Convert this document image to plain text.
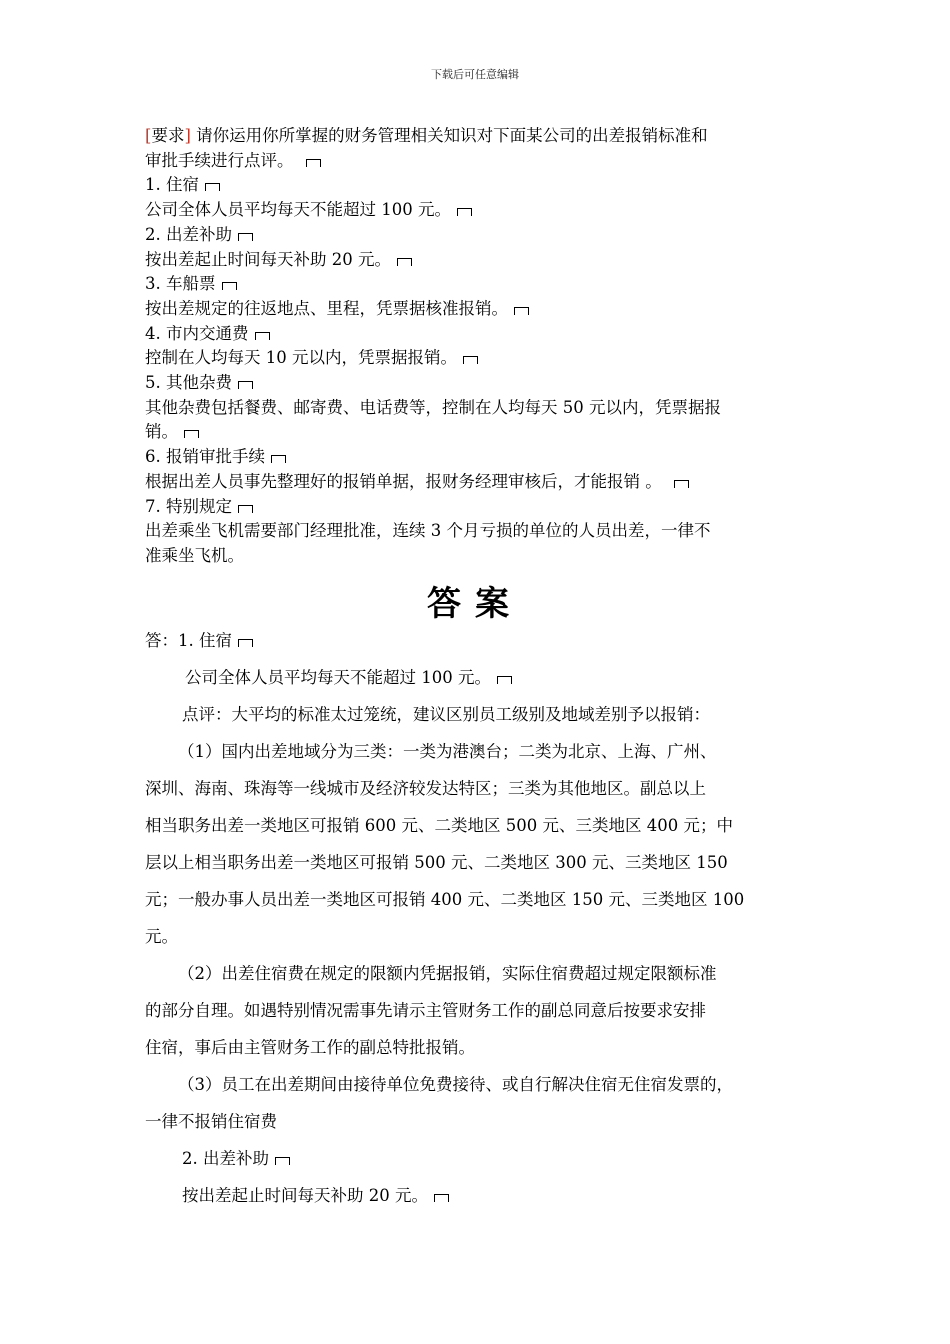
下载后可任意编辑

[要求] 请你运用你所掌握的财务管理相关知识对下面某公司的出差报销标准和

审批手续进行点评。

1. 住宿

公司全体人员平均每天不能超过 100 元。

2. 出差补助

按出差起止时间每天补助 20 元。

3. 车船票

按出差规定的往返地点、里程，凭票据核准报销。

4. 市内交通费

控制在人均每天 10 元以内，凭票据报销。

5. 其他杂费

其他杂费包括餐费、邮寄费、电话费等，控制在人均每天 50 元以内，凭票据报

销。

6. 报销审批手续

根据出差人员事先整理好的报销单据，报财务经理审核后，才能报销 。

7. 特别规定

出差乘坐飞机需要部门经理批准，连续 3 个月亏损的单位的人员出差，一律不

准乘坐飞机。

答案

答：1. 住宿

公司全体人员平均每天不能超过 100 元。

点评：大平均的标准太过笼统，建议区别员工级别及地域差别予以报销：

（1）国内出差地域分为三类：一类为港澳台；二类为北京、上海、广州、

深圳、海南、珠海等一线城市及经济较发达特区；三类为其他地区。副总以上

相当职务出差一类地区可报销 600 元、二类地区 500 元、三类地区 400 元；中

层以上相当职务出差一类地区可报销 500 元、二类地区 300 元、三类地区 150

元；一般办事人员出差一类地区可报销 400 元、二类地区 150 元、三类地区 100

元。

（2）出差住宿费在规定的限额内凭据报销，实际住宿费超过规定限额标准

的部分自理。如遇特别情况需事先请示主管财务工作的副总同意后按要求安排

住宿，事后由主管财务工作的副总特批报销。

（3）员工在出差期间由接待单位免费接待、或自行解决住宿无住宿发票的，

一律不报销住宿费

2. 出差补助

按出差起止时间每天补助 20 元。
